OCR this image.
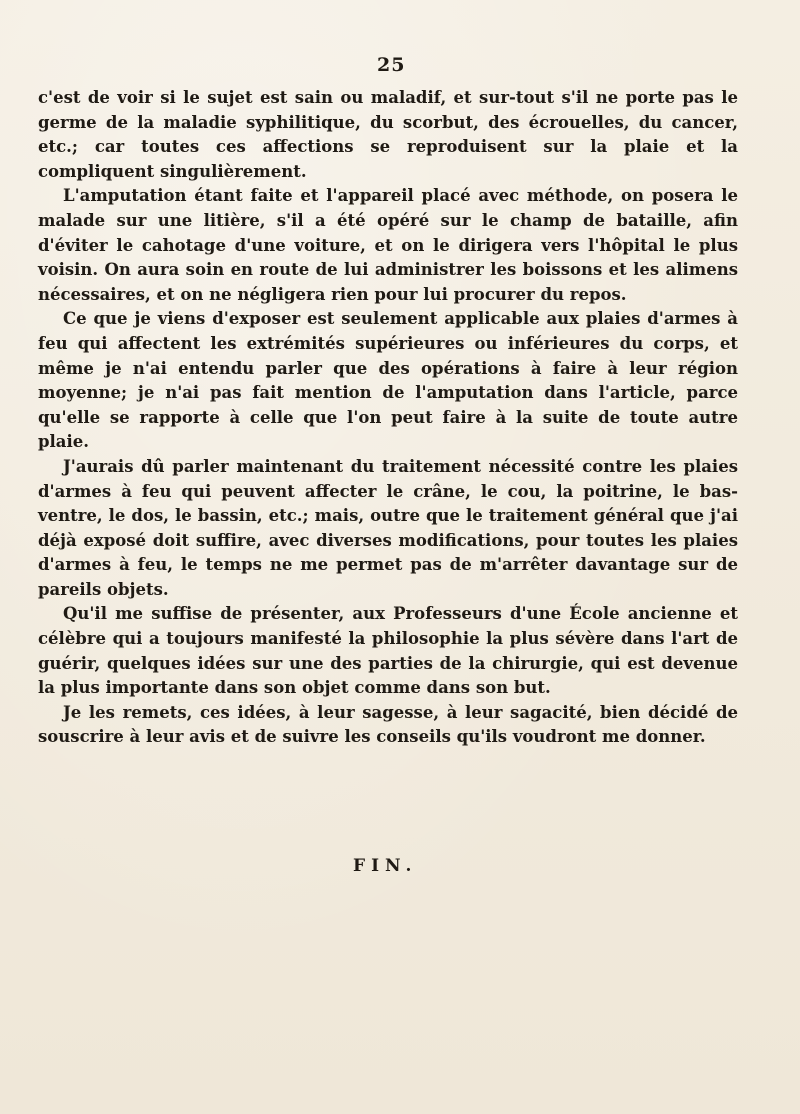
25

c'est de voir si le sujet est sain ou maladif, et sur-tout s'il ne porte pas le germe de la maladie syphilitique, du scorbut, des écrouelles, du cancer, etc.; car toutes ces affections se reproduisent sur la plaie et la compliquent singulièrement.

L'amputation étant faite et l'appareil placé avec méthode, on posera le malade sur une litière, s'il a été opéré sur le champ de bataille, afin d'éviter le cahotage d'une voiture, et on le dirigera vers l'hôpital le plus voisin. On aura soin en route de lui administrer les boissons et les alimens nécessaires, et on ne négligera rien pour lui procurer du repos.

Ce que je viens d'exposer est seulement applicable aux plaies d'armes à feu qui affectent les extrémités supérieures ou inférieures du corps, et même je n'ai entendu parler que des opérations à faire à leur région moyenne; je n'ai pas fait mention de l'amputation dans l'article, parce qu'elle se rapporte à celle que l'on peut faire à la suite de toute autre plaie.

J'aurais dû parler maintenant du traitement nécessité contre les plaies d'armes à feu qui peuvent affecter le crâne, le cou, la poitrine, le bas-ventre, le dos, le bassin, etc.; mais, outre que le traitement général que j'ai déjà exposé doit suffire, avec diverses modifications, pour toutes les plaies d'armes à feu, le temps ne me permet pas de m'arrêter davantage sur de pareils objets.

Qu'il me suffise de présenter, aux Professeurs d'une École ancienne et célèbre qui a toujours manifesté la philosophie la plus sévère dans l'art de guérir, quelques idées sur une des parties de la chirurgie, qui est devenue la plus importante dans son objet comme dans son but.

Je les remets, ces idées, à leur sagesse, à leur sagacité, bien décidé de souscrire à leur avis et de suivre les conseils qu'ils voudront me donner.

FIN.
